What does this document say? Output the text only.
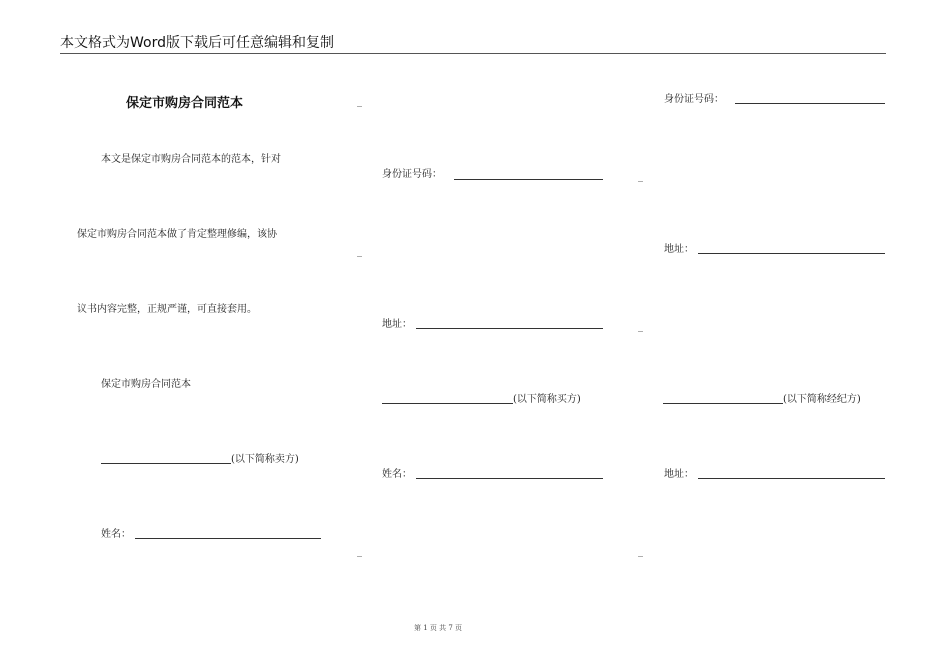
本文格式为Word版下载后可任意编辑和复制
保定市购房合同范本
本文是保定市购房合同范本的范本，针对
保定市购房合同范本做了肯定整理修编，该协
议书内容完整，正规严谨，可直接套用。
保定市购房合同范本
(以下简称卖方)
姓名：
_
_
_
_
_
_
身份证号码：
地址：
(以下简称买方)
姓名：
身份证号码：
地址：
(以下简称经纪方)
地址：
第 1 页 共 7 页
